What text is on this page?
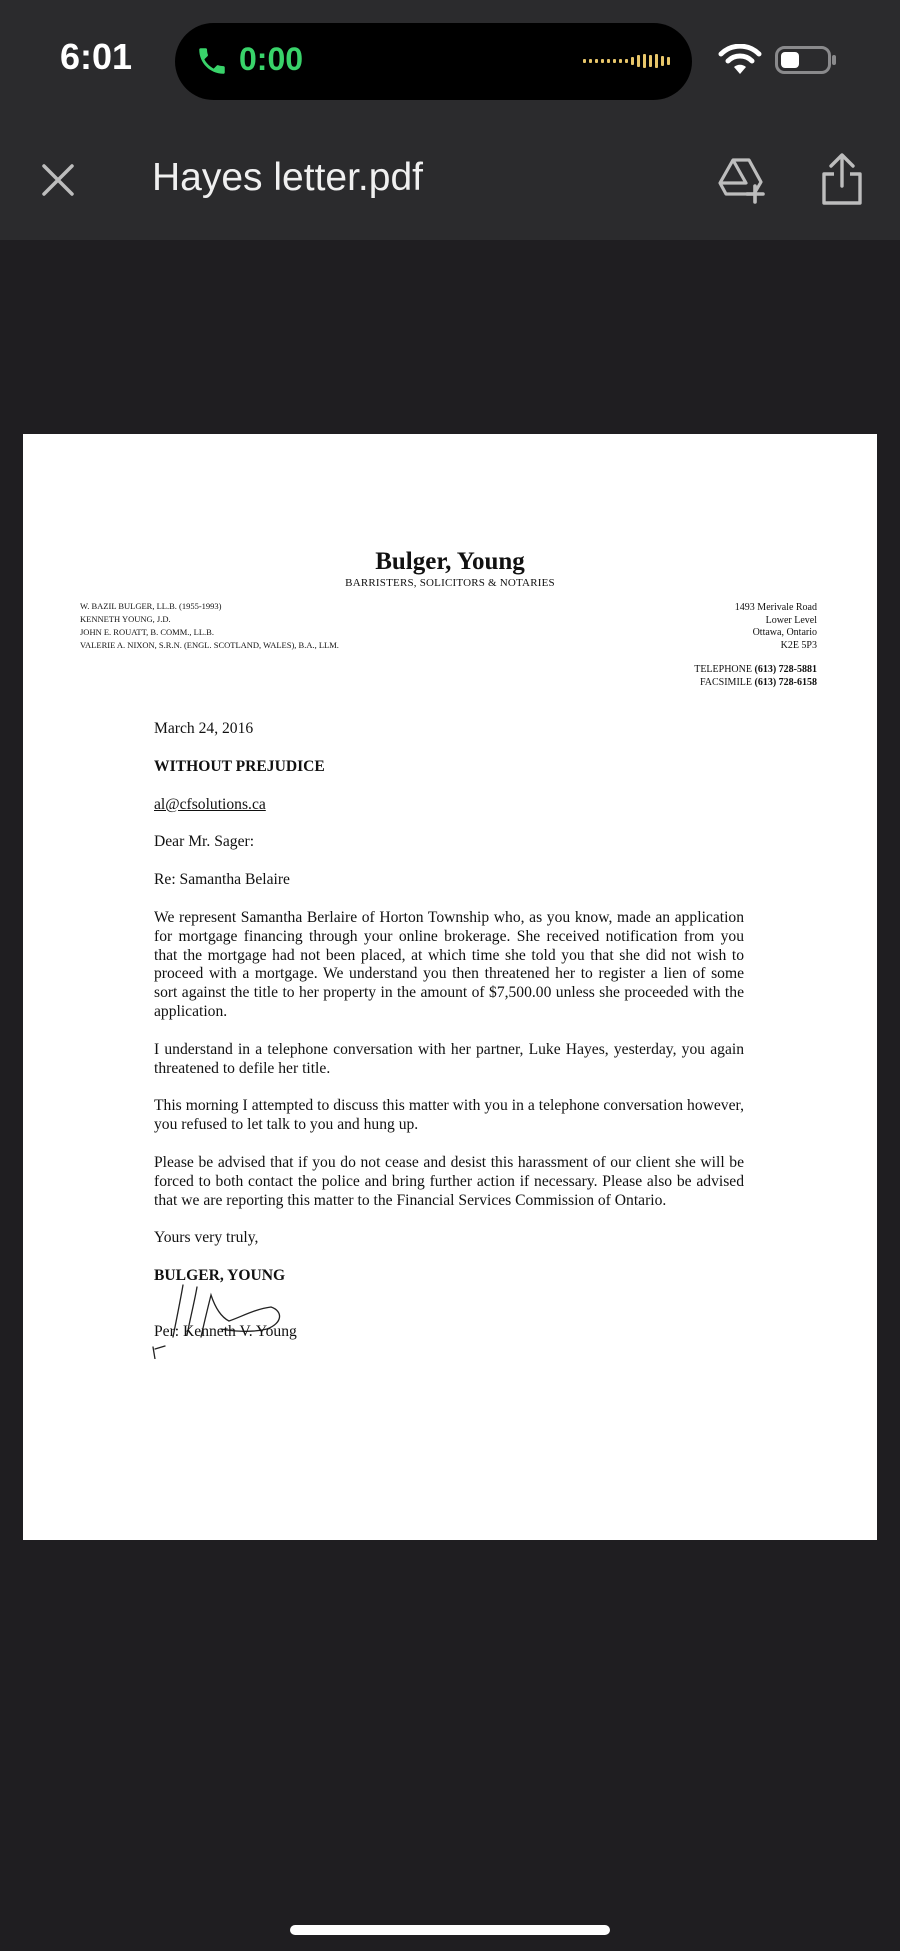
6:01	0:00
Hayes letter.pdf
Bulger, Young
BARRISTERS, SOLICITORS & NOTARIES
W. BAZIL BULGER, LL.B. (1955-1993)
KENNETH YOUNG, J.D.
JOHN E. ROUATT, B. COMM., LL.B.
VALERIE A. NIXON, S.R.N. (ENGL. SCOTLAND, WALES), B.A., LLM.
1493 Merivale Road
Lower Level
Ottawa, Ontario
K2E 5P3
TELEPHONE (613) 728-5881
FACSIMILE (613) 728-6158

March 24, 2016

WITHOUT PREJUDICE

al@cfsolutions.ca

Dear Mr. Sager:

Re: Samantha Belaire

We represent Samantha Berlaire of Horton Township who, as you know, made an application for mortgage financing through your online brokerage. She received notification from you that the mortgage had not been placed, at which time she told you that she did not wish to proceed with a mortgage. We understand you then threatened her to register a lien of some sort against the title to her property in the amount of $7,500.00 unless she proceeded with the application.

I understand in a telephone conversation with her partner, Luke Hayes, yesterday, you again threatened to defile her title.

This morning I attempted to discuss this matter with you in a telephone conversation however, you refused to let talk to you and hung up.

Please be advised that if you do not cease and desist this harassment of our client she will be forced to both contact the police and bring further action if necessary. Please also be advised that we are reporting this matter to the Financial Services Commission of Ontario.

Yours very truly,

BULGER, YOUNG

Per: Kenneth V. Young
